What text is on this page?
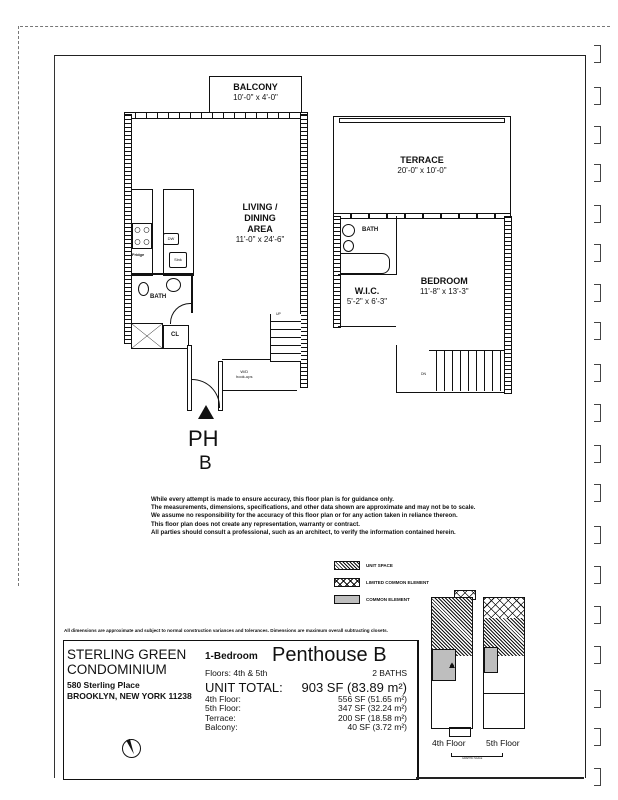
BALCONY
10'-0" x 4'-0"
LIVING /
DINING
AREA
11'-0" x 24'-6"
Fridge
DW
Sink
BATH
CL
W/D
hook-ups
UP
PH
B
TERRACE
20'-0" x 10'-0"
BATH
BEDROOM
11'-8" x 13'-3"
W.I.C.
5'-2" x 6'-3"
DN
While every attempt is made to ensure accuracy, this floor plan is for guidance only.
The measurements, dimensions, specifications, and other data shown are approximate and may not be to scale.
We assume no responsibility for the accuracy of this floor plan or for any action taken in reliance thereon.
This floor plan does not create any representation, warranty or contract.
All parties should consult a professional, such as an architect, to verify the information contained herein.
UNIT SPACE
LIMITED COMMON ELEMENT
COMMON ELEMENT
All dimensions are approximate and subject to normal construction variances and tolerances. Dimensions are maximum overall subtracting closets.
STERLING GREEN
CONDOMINIUM
580 Sterling Place
BROOKLYN, NEW YORK 11238
1-Bedroom Penthouse B
Floors: 4th & 5th	2 BATHS
UNIT TOTAL: 903 SF (83.89 m²)
4th Floor:	556 SF (51.65 m²)
5th Floor:	347 SF (32.24 m²)
Terrace:	200 SF (18.58 m²)
Balcony:	40 SF (3.72 m²)
4th Floor 5th Floor
GRAPHIC SCALE
